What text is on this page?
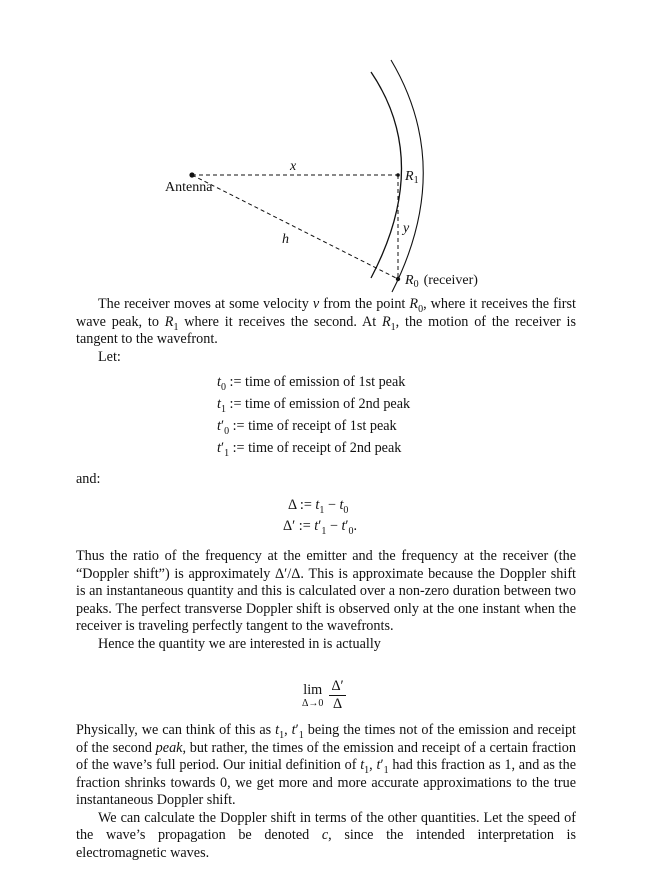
Antenna
x
h
y
$R_1$
$R_0$ (receiver)

The receiver moves at some velocity v from the point $R_0$, where it receives the first wave peak, to $R_1$ where it receives the second. At $R_1$, the motion of the receiver is tangent to the wavefront.

Let:

$t_0$ := time of emission of 1st peak
$t_1$ := time of emission of 2nd peak
$t'_0$ := time of receipt of 1st peak
$t'_1$ := time of receipt of 2nd peak

and:

Δ := $t_1 - t_0$
Δ′ := $t'_1 - t'_0$.

Thus the ratio of the frequency at the emitter and the frequency at the receiver (the “Doppler shift”) is approximately Δ′/Δ. This is approximate because the Doppler shift is an instantaneous quantity and this is calculated over a non-zero duration between two peaks. The perfect transverse Doppler shift is observed only at the one instant when the receiver is traveling perfectly tangent to the wavefronts.

Hence the quantity we are interested in is actually

lim
$\Delta\to 0 \frac{\Delta'}{\Delta}$

Physically, we can think of this as $t_1$, $t'_1$ being the times not of the emission and receipt of the second peak, but rather, the times of the emission and receipt of a certain fraction of the wave’s full period. Our initial definition of $t_1$, $t'_1$ had this fraction as 1, and as the fraction shrinks towards 0, we get more and more accurate approximations to the true instantaneous Doppler shift.

We can calculate the Doppler shift in terms of the other quantities. Let the speed of the wave’s propagation be denoted c, since the intended interpretation is electromagnetic waves.
